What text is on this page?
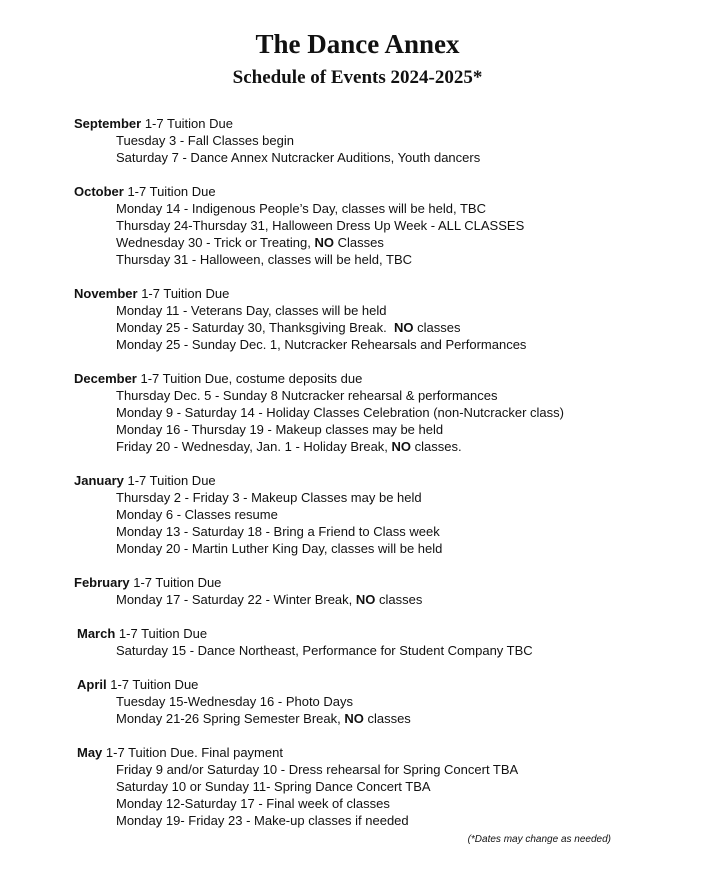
The Dance Annex
Schedule of Events 2024-2025*
September 1-7 Tuition Due
Tuesday 3 - Fall Classes begin
Saturday 7 - Dance Annex Nutcracker Auditions, Youth dancers
October 1-7 Tuition Due
Monday 14 - Indigenous People’s Day, classes will be held, TBC
Thursday 24-Thursday 31, Halloween Dress Up Week - ALL CLASSES
Wednesday 30 - Trick or Treating, NO Classes
Thursday 31 - Halloween, classes will be held, TBC
November 1-7 Tuition Due
Monday 11 - Veterans Day, classes will be held
Monday 25 - Saturday 30, Thanksgiving Break.  NO classes
Monday 25 - Sunday Dec. 1, Nutcracker Rehearsals and Performances
December 1-7 Tuition Due, costume deposits due
Thursday Dec. 5 - Sunday 8 Nutcracker rehearsal & performances
Monday 9 - Saturday 14 - Holiday Classes Celebration (non-Nutcracker class)
Monday 16 - Thursday 19 - Makeup classes may be held
Friday 20 - Wednesday, Jan. 1 - Holiday Break, NO classes.
January 1-7 Tuition Due
Thursday 2 - Friday 3 - Makeup Classes may be held
Monday 6 - Classes resume
Monday 13 - Saturday 18 - Bring a Friend to Class week
Monday 20 - Martin Luther King Day, classes will be held
February 1-7 Tuition Due
Monday 17 - Saturday 22 - Winter Break, NO classes
March 1-7 Tuition Due
Saturday 15 - Dance Northeast, Performance for Student Company TBC
April 1-7 Tuition Due
Tuesday 15-Wednesday 16 - Photo Days
Monday 21-26 Spring Semester Break, NO classes
May 1-7 Tuition Due. Final payment
Friday 9 and/or Saturday 10 - Dress rehearsal for Spring Concert TBA
Saturday 10 or Sunday 11- Spring Dance Concert TBA
Monday 12-Saturday 17 - Final week of classes
Monday 19- Friday 23 - Make-up classes if needed
(*Dates may change as needed)
